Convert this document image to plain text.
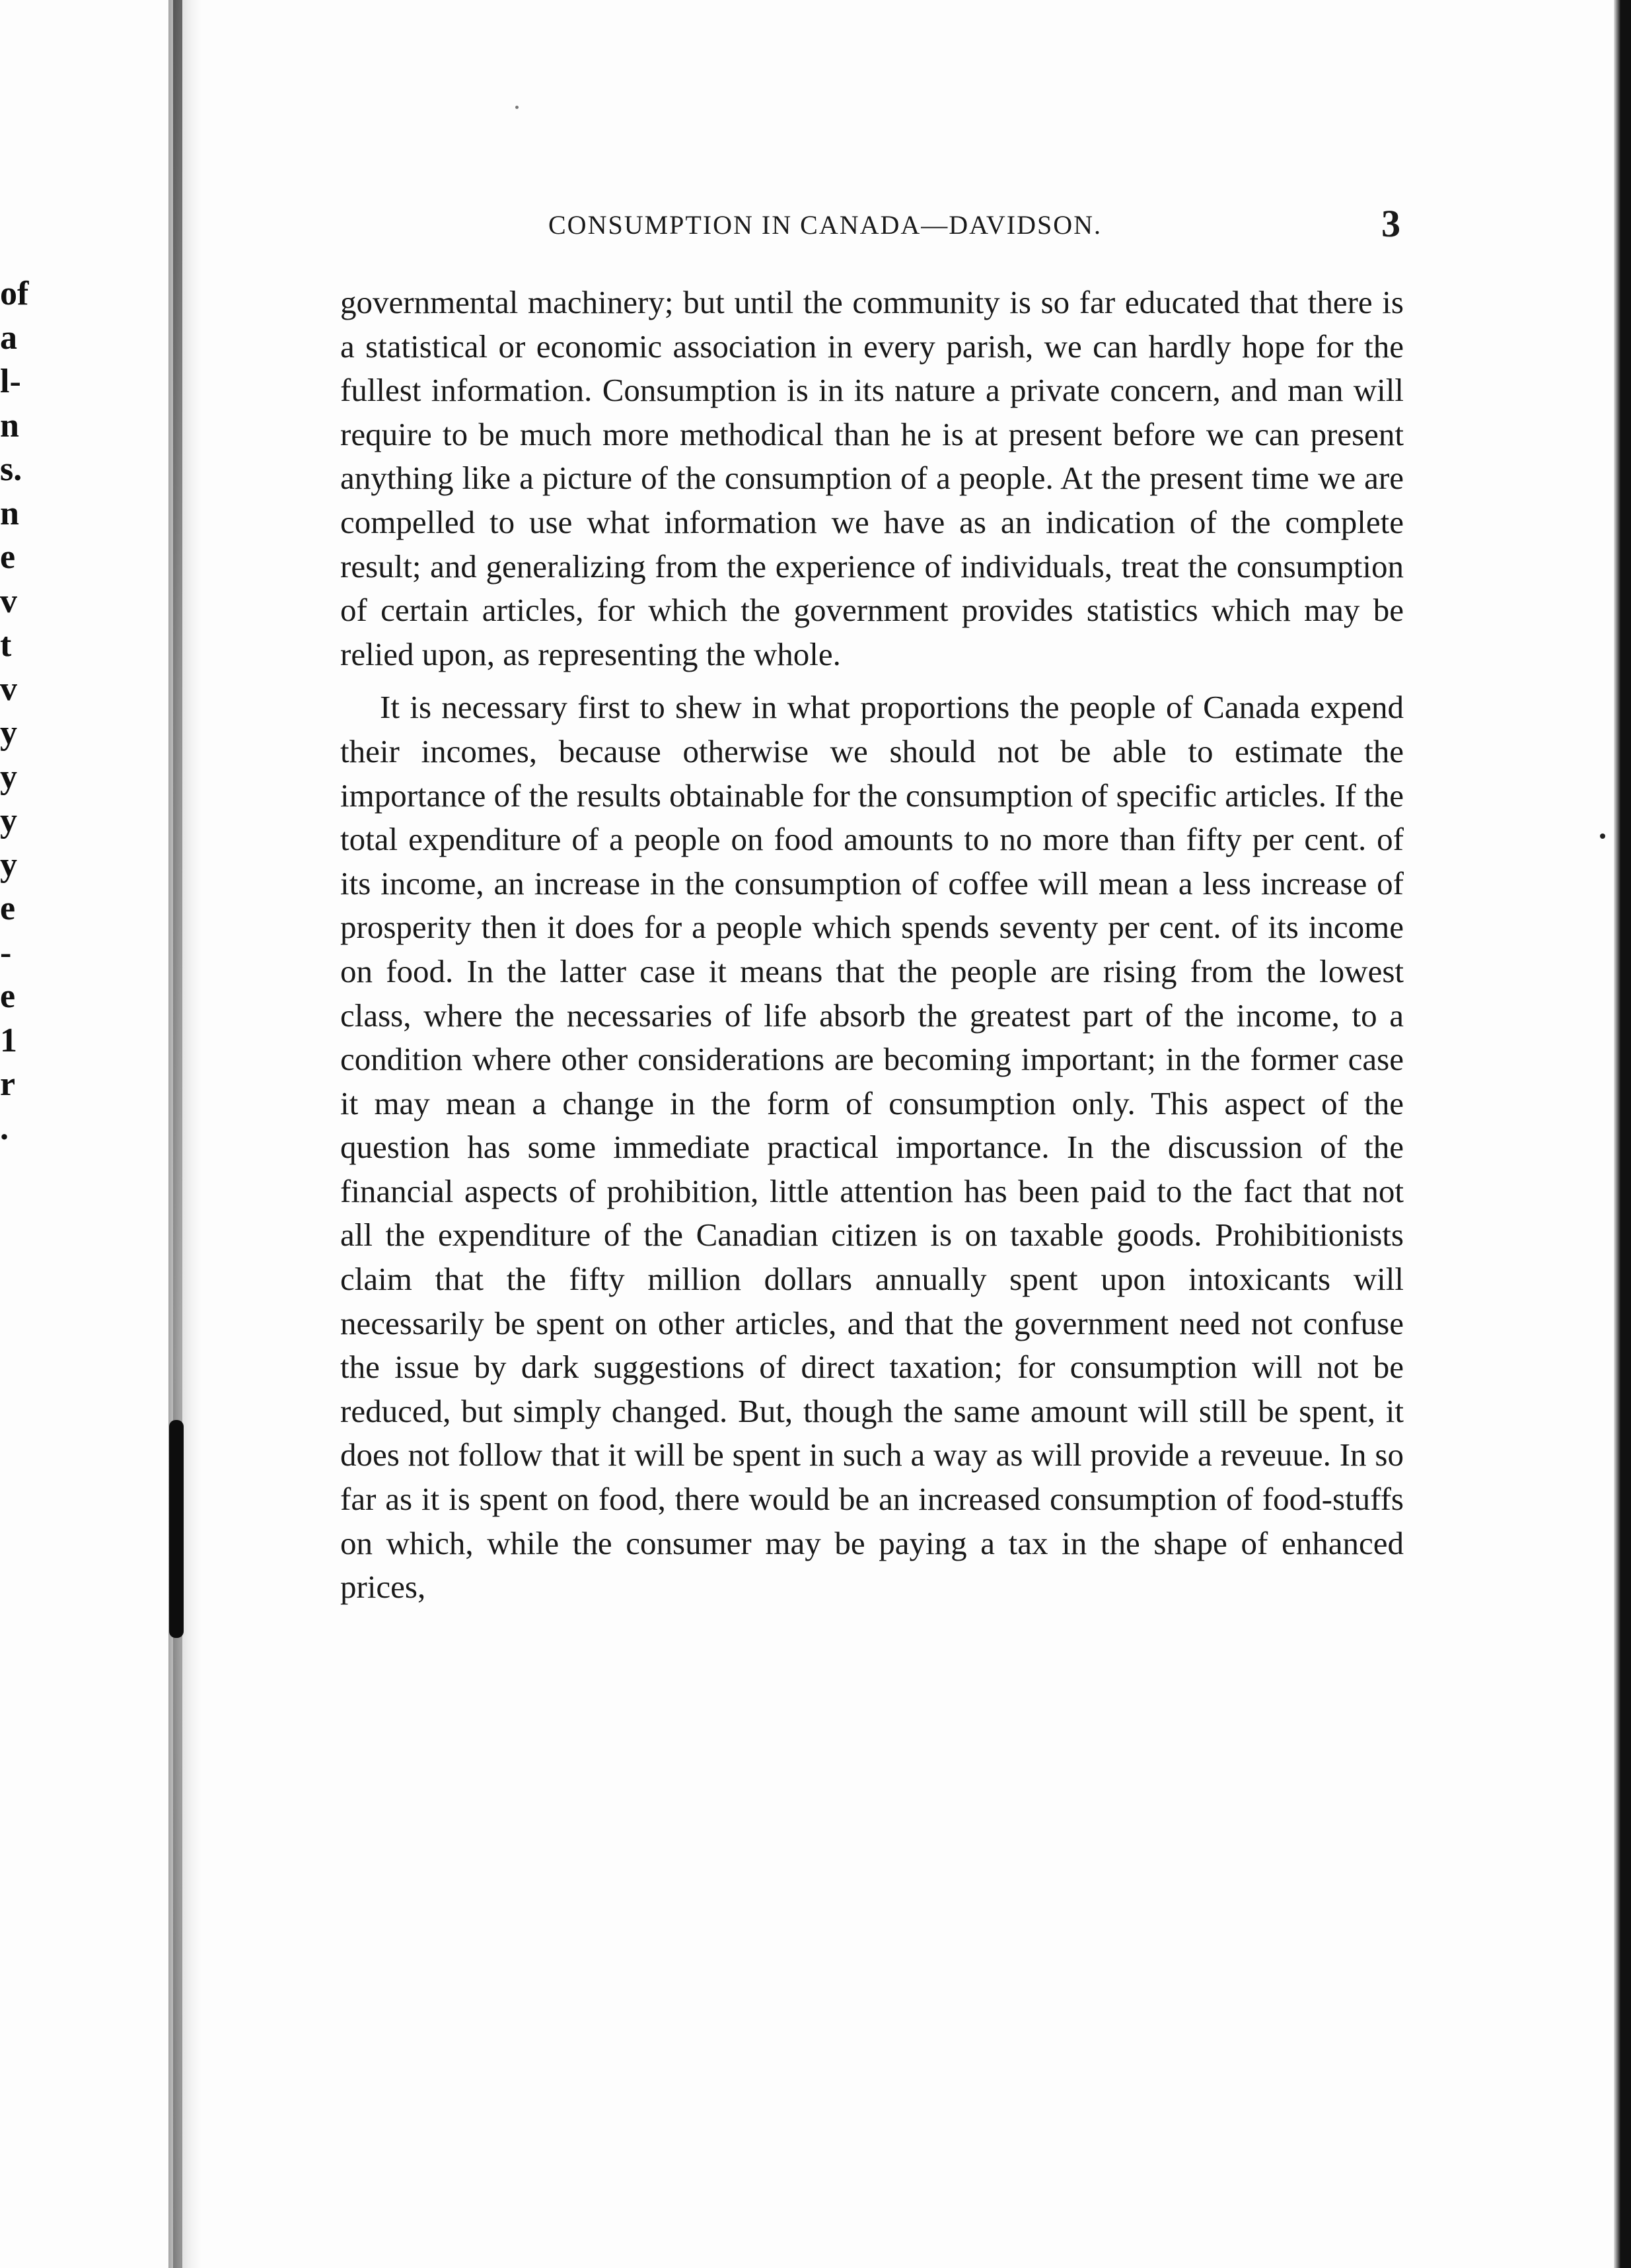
of
a
l-
n
s.
n
e
v
t
v
y
y
y
y
e
-
e
1
r
.
CONSUMPTION IN CANADA—DAVIDSON.	3

governmental machinery; but until the community is so far educated that there is a statistical or economic association in every parish, we can hardly hope for the fullest information. Consumption is in its nature a private concern, and man will require to be much more methodical than he is at present before we can present anything like a picture of the consumption of a people. At the present time we are compelled to use what information we have as an indication of the complete result; and generalizing from the experience of individuals, treat the consumption of certain articles, for which the government provides statistics which may be relied upon, as representing the whole.

It is necessary first to shew in what proportions the people of Canada expend their incomes, because otherwise we should not be able to estimate the importance of the results obtainable for the consumption of specific articles. If the total expenditure of a people on food amounts to no more than fifty per cent. of its income, an increase in the consumption of coffee will mean a less increase of prosperity then it does for a people which spends seventy per cent. of its income on food. In the latter case it means that the people are rising from the lowest class, where the necessaries of life absorb the greatest part of the income, to a condition where other considerations are becoming important; in the former case it may mean a change in the form of consumption only. This aspect of the question has some immediate practical importance. In the discussion of the financial aspects of prohibition, little attention has been paid to the fact that not all the expenditure of the Canadian citizen is on taxable goods. Prohibitionists claim that the fifty million dollars annually spent upon intoxicants will necessarily be spent on other articles, and that the government need not confuse the issue by dark suggestions of direct taxation; for consumption will not be reduced, but simply changed. But, though the same amount will still be spent, it does not follow that it will be spent in such a way as will provide a reveuue. In so far as it is spent on food, there would be an increased consumption of food-stuffs on which, while the consumer may be paying a tax in the shape of enhanced prices,
